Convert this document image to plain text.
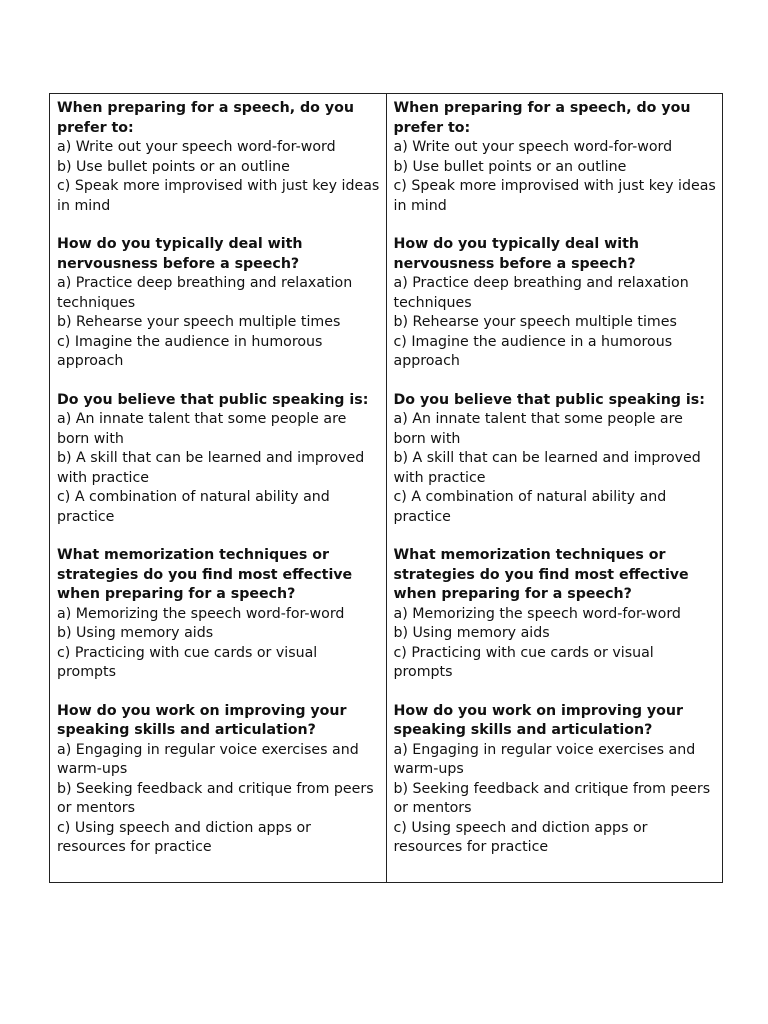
When preparing for a speech, do you prefer to:
a) Write out your speech word-for-word
b) Use bullet points or an outline
c) Speak more improvised with just key ideas in mind
How do you typically deal with nervousness before a speech?
a) Practice deep breathing and relaxation techniques
b) Rehearse your speech multiple times
c) Imagine the audience in humorous approach
Do you believe that public speaking is:
a) An innate talent that some people are born with
b) A skill that can be learned and improved with practice
c) A combination of natural ability and practice
What memorization techniques or strategies do you find most effective when preparing for a speech?
a) Memorizing the speech word-for-word
b) Using memory aids
c) Practicing with cue cards or visual prompts
How do you work on improving your speaking skills and articulation?
a) Engaging in regular voice exercises and warm-ups
b) Seeking feedback and critique from peers or mentors
c) Using speech and diction apps or resources for practice
When preparing for a speech, do you prefer to:
a) Write out your speech word-for-word
b) Use bullet points or an outline
c) Speak more improvised with just key ideas in mind
How do you typically deal with nervousness before a speech?
a) Practice deep breathing and relaxation techniques
b) Rehearse your speech multiple times
c) Imagine the audience in a humorous approach
Do you believe that public speaking is:
a) An innate talent that some people are born with
b) A skill that can be learned and improved with practice
c) A combination of natural ability and practice
What memorization techniques or strategies do you find most effective when preparing for a speech?
a) Memorizing the speech word-for-word
b) Using memory aids
c) Practicing with cue cards or visual prompts
How do you work on improving your speaking skills and articulation?
a) Engaging in regular voice exercises and warm-ups
b) Seeking feedback and critique from peers or mentors
c) Using speech and diction apps or resources for practice
